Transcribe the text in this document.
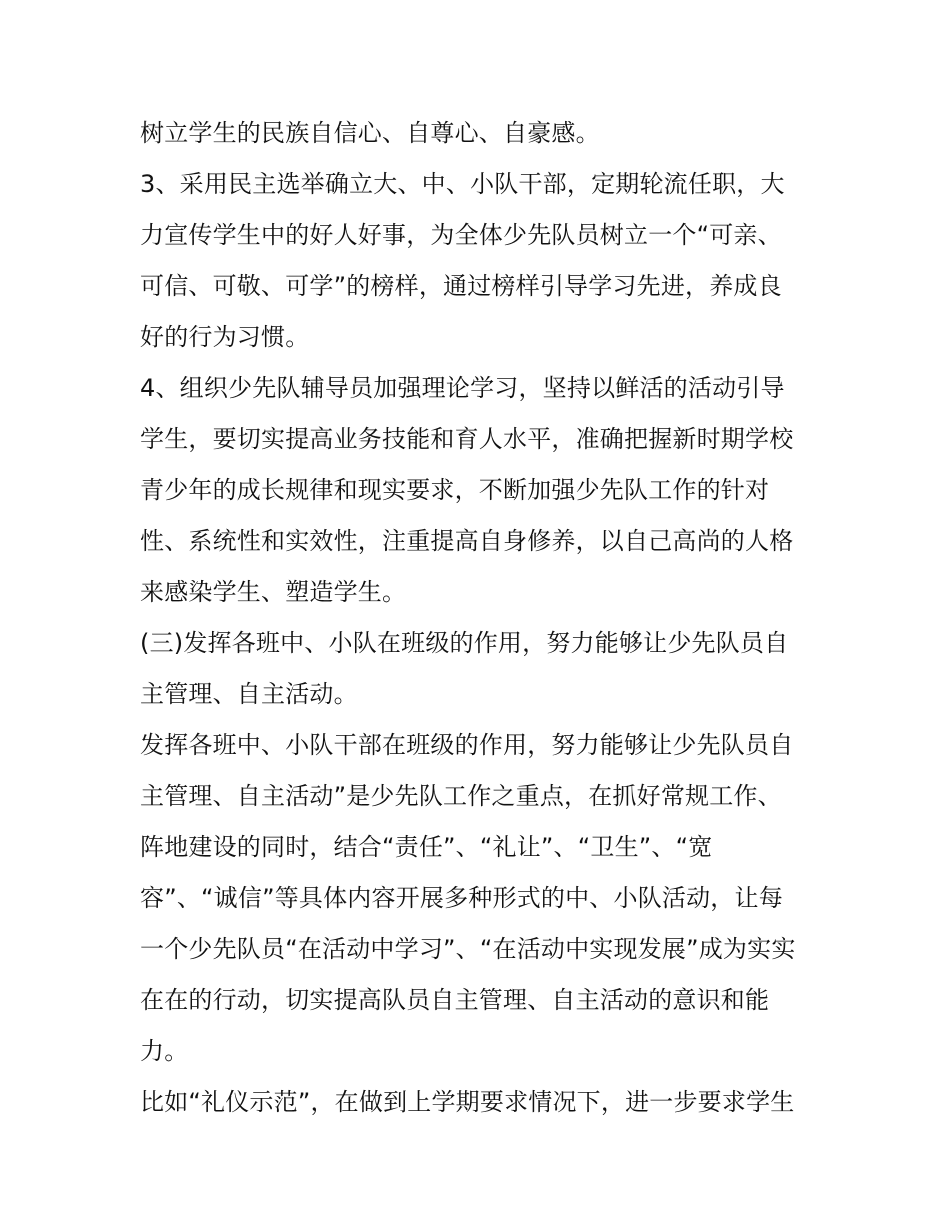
树立学生的民族自信心、自尊心、自豪感。
3、采用民主选举确立大、中、小队干部，定期轮流任职，大
力宣传学生中的好人好事，为全体少先队员树立一个“可亲、
可信、可敬、可学”的榜样，通过榜样引导学习先进，养成良
好的行为习惯。
4、组织少先队辅导员加强理论学习，坚持以鲜活的活动引导
学生，要切实提高业务技能和育人水平，准确把握新时期学校
青少年的成长规律和现实要求，不断加强少先队工作的针对
性、系统性和实效性，注重提高自身修养，以自己高尚的人格
来感染学生、塑造学生。
(三)发挥各班中、小队在班级的作用，努力能够让少先队员自
主管理、自主活动。
发挥各班中、小队干部在班级的作用，努力能够让少先队员自
主管理、自主活动”是少先队工作之重点，在抓好常规工作、
阵地建设的同时，结合“责任”、“礼让”、“卫生”、“宽
容”、“诚信”等具体内容开展多种形式的中、小队活动，让每
一个少先队员“在活动中学习”、“在活动中实现发展”成为实实
在在的行动，切实提高队员自主管理、自主活动的意识和能
力。
比如“礼仪示范”，在做到上学期要求情况下，进一步要求学生
